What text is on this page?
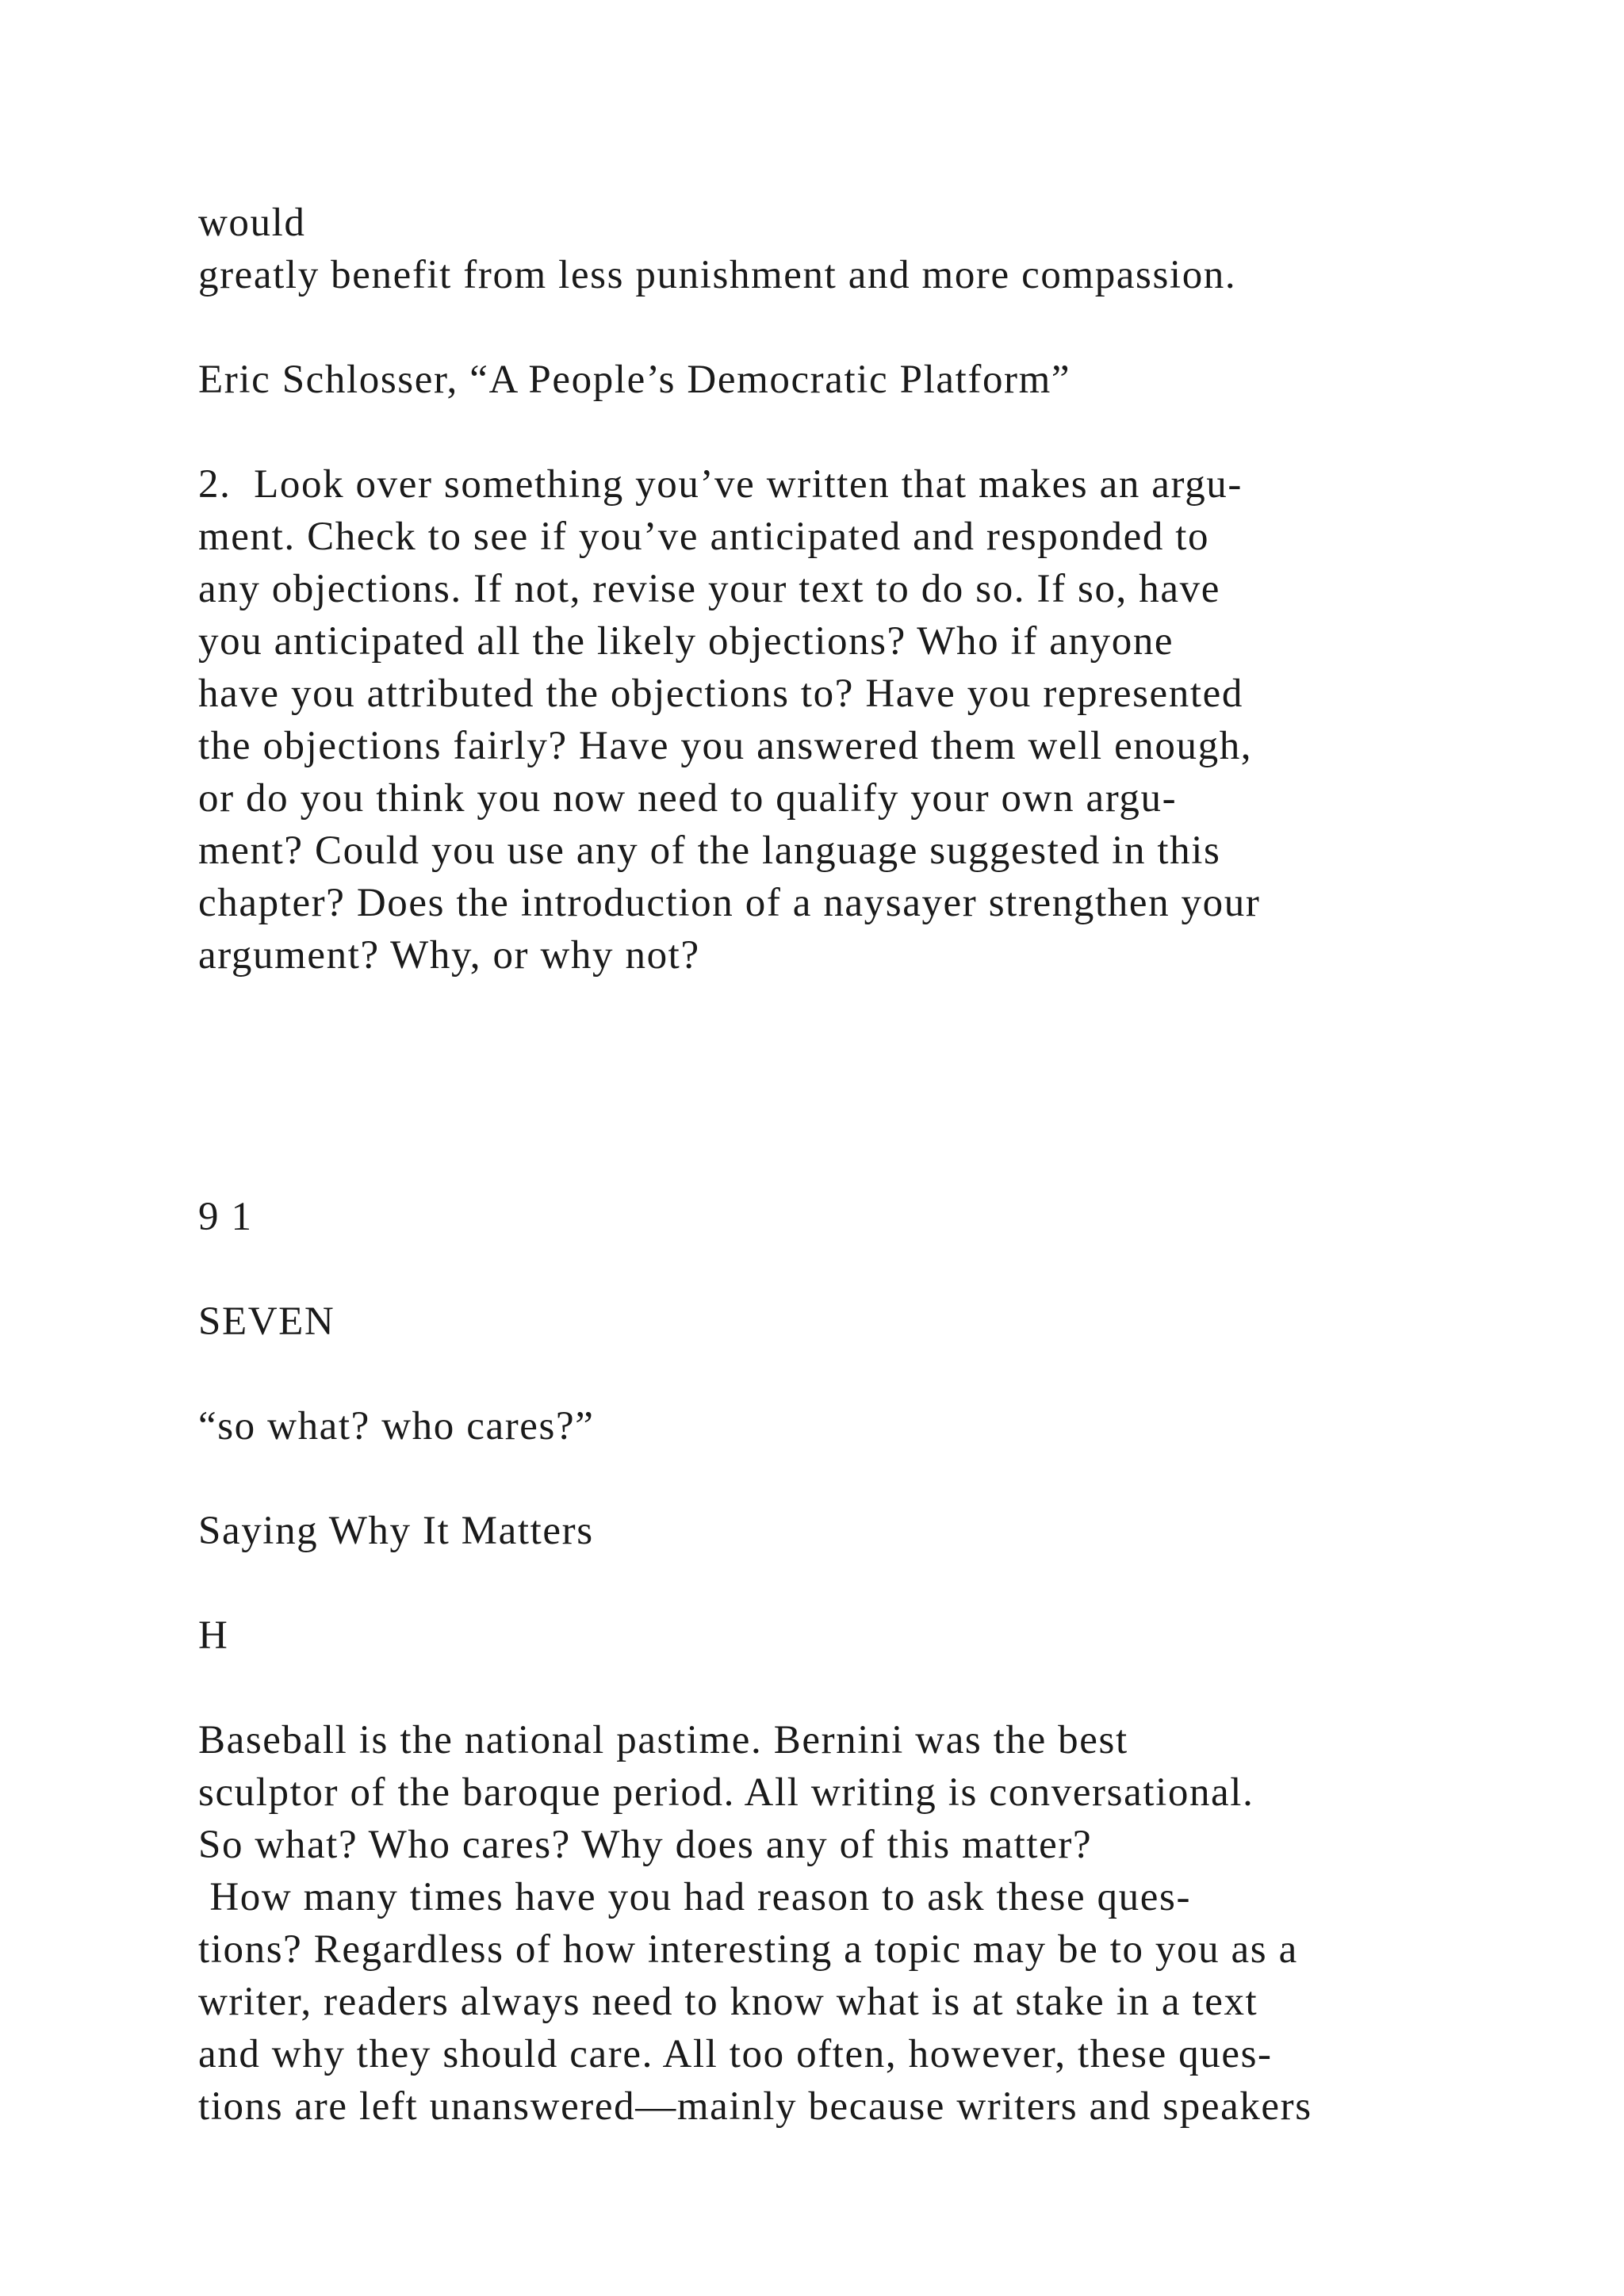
would
greatly benefit from less punishment and more compassion.
Eric Schlosser, “A People’s Democratic Platform”
2.  Look over something you’ve written that makes an argu-
ment. Check to see if you’ve anticipated and responded to
any objections. If not, revise your text to do so. If so, have
you anticipated all the likely objections? Who if anyone
have you attributed the objections to? Have you represented
the objections fairly? Have you answered them well enough,
or do you think you now need to qualify your own argu-
ment? Could you use any of the language suggested in this
chapter? Does the introduction of a naysayer strengthen your
argument? Why, or why not?
9 1
SEVEN
“so what? who cares?”
Saying Why It Matters
H
Baseball is the national pastime. Bernini was the best
sculptor of the baroque period. All writing is conversational.
So what? Who cares? Why does any of this matter?
How many times have you had reason to ask these ques-
tions? Regardless of how interesting a topic may be to you as a
writer, readers always need to know what is at stake in a text
and why they should care. All too often, however, these ques-
tions are left unanswered—mainly because writers and speakers
